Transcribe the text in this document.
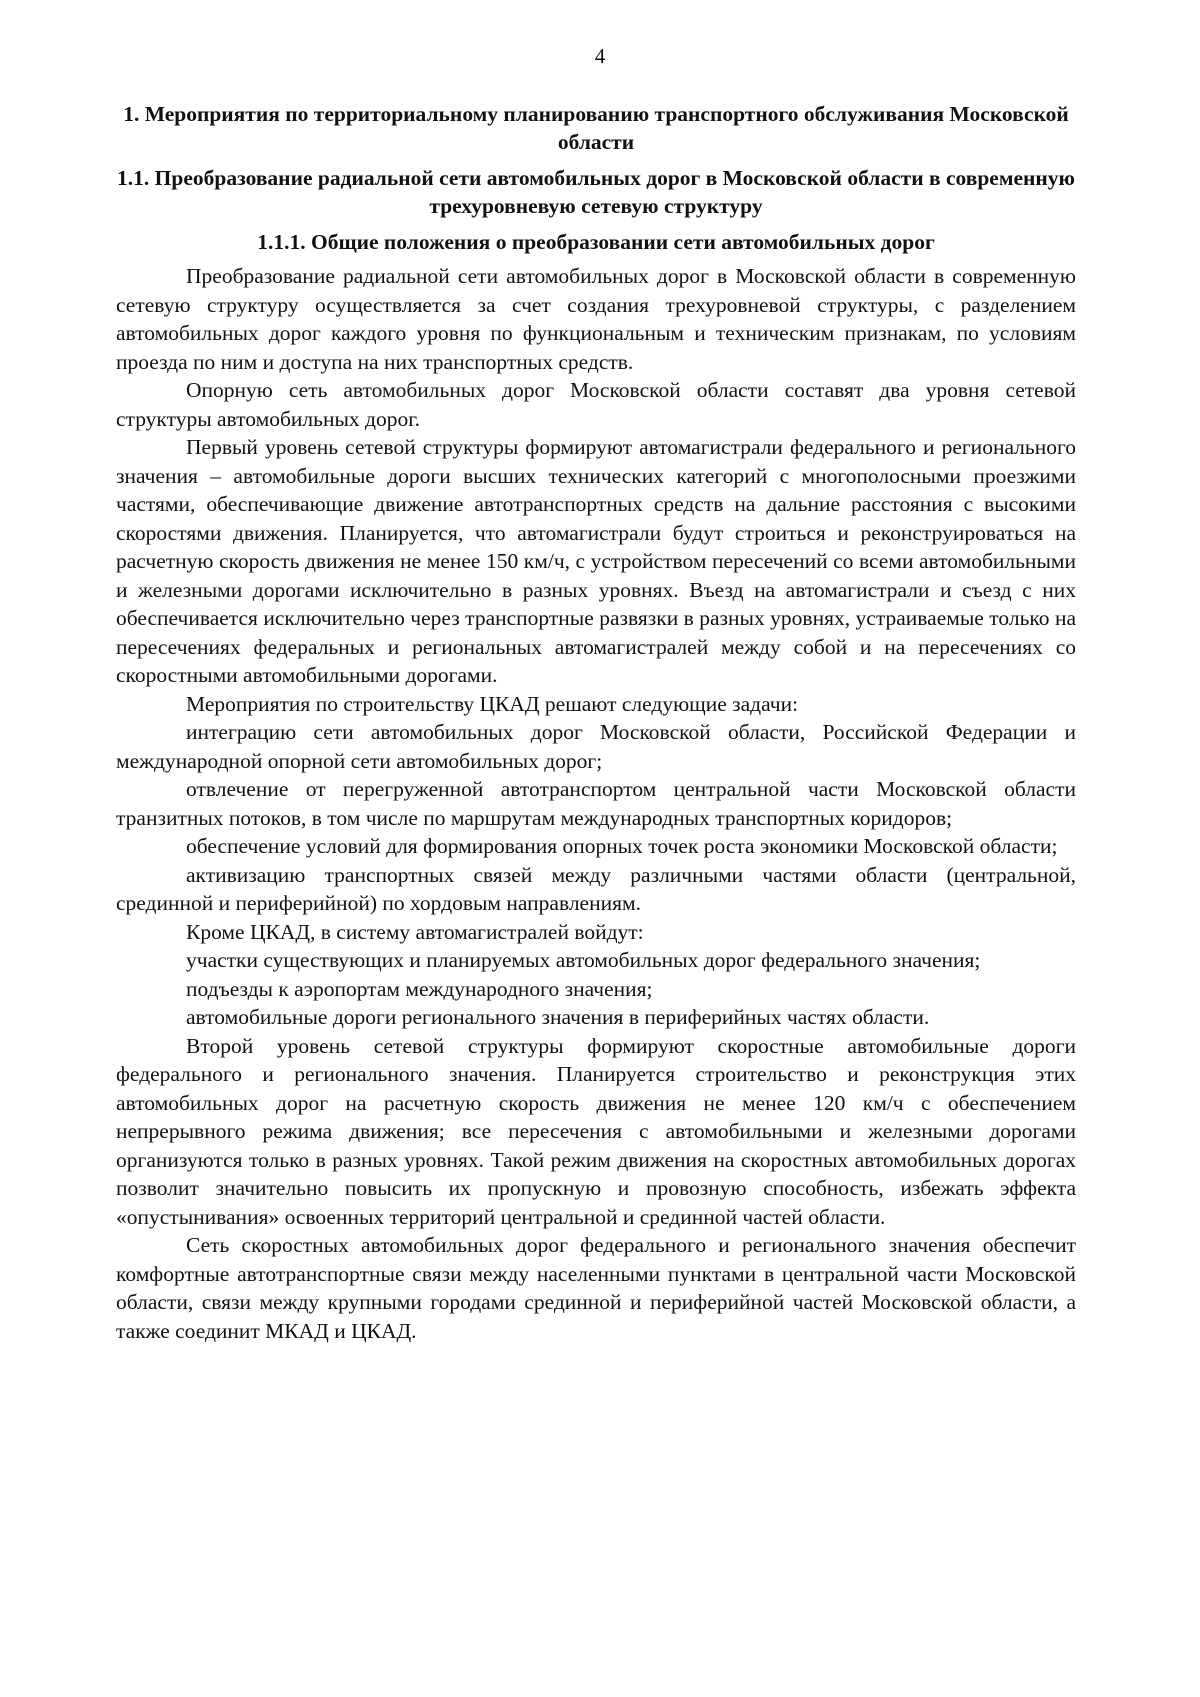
4
1. Мероприятия по территориальному планированию транспортного обслуживания Московской области
1.1. Преобразование радиальной сети автомобильных дорог в Московской области в современную трехуровневую сетевую структуру
1.1.1. Общие положения о преобразовании сети автомобильных дорог

Преобразование радиальной сети автомобильных дорог в Московской области в современную сетевую структуру осуществляется за счет создания трехуровневой структуры, с разделением автомобильных дорог каждого уровня по функциональным и техническим признакам, по условиям проезда по ним и доступа на них транспортных средств.

Опорную сеть автомобильных дорог Московской области составят два уровня сетевой структуры автомобильных дорог.

Первый уровень сетевой структуры формируют автомагистрали федерального и регионального значения – автомобильные дороги высших технических категорий с многополосными проезжими частями, обеспечивающие движение автотранспортных средств на дальние расстояния с высокими скоростями движения. Планируется, что автомагистрали будут строиться и реконструироваться на расчетную скорость движения не менее 150 км/ч, с устройством пересечений со всеми автомобильными и железными дорогами исключительно в разных уровнях. Въезд на автомагистрали и съезд с них обеспечивается исключительно через транспортные развязки в разных уровнях, устраиваемые только на пересечениях федеральных и региональных автомагистралей между собой и на пересечениях со скоростными автомобильными дорогами.

Мероприятия по строительству ЦКАД решают следующие задачи:

интеграцию сети автомобильных дорог Московской области, Российской Федерации и международной опорной сети автомобильных дорог;

отвлечение от перегруженной автотранспортом центральной части Московской области транзитных потоков, в том числе по маршрутам международных транспортных коридоров;

обеспечение условий для формирования опорных точек роста экономики Московской области;

активизацию транспортных связей между различными частями области (центральной, срединной и периферийной) по хордовым направлениям.

Кроме ЦКАД, в систему автомагистралей войдут:

участки существующих и планируемых автомобильных дорог федерального значения;

подъезды к аэропортам международного значения;

автомобильные дороги регионального значения в периферийных частях области.

Второй уровень сетевой структуры формируют скоростные автомобильные дороги федерального и регионального значения. Планируется строительство и реконструкция этих автомобильных дорог на расчетную скорость движения не менее 120 км/ч с обеспечением непрерывного режима движения; все пересечения с автомобильными и железными дорогами организуются только в разных уровнях. Такой режим движения на скоростных автомобильных дорогах позволит значительно повысить их пропускную и провозную способность, избежать эффекта «опустынивания» освоенных территорий центральной и срединной частей области.

Сеть скоростных автомобильных дорог федерального и регионального значения обеспечит комфортные автотранспортные связи между населенными пунктами в центральной части Московской области, связи между крупными городами срединной и периферийной частей Московской области, а также соединит МКАД и ЦКАД.
